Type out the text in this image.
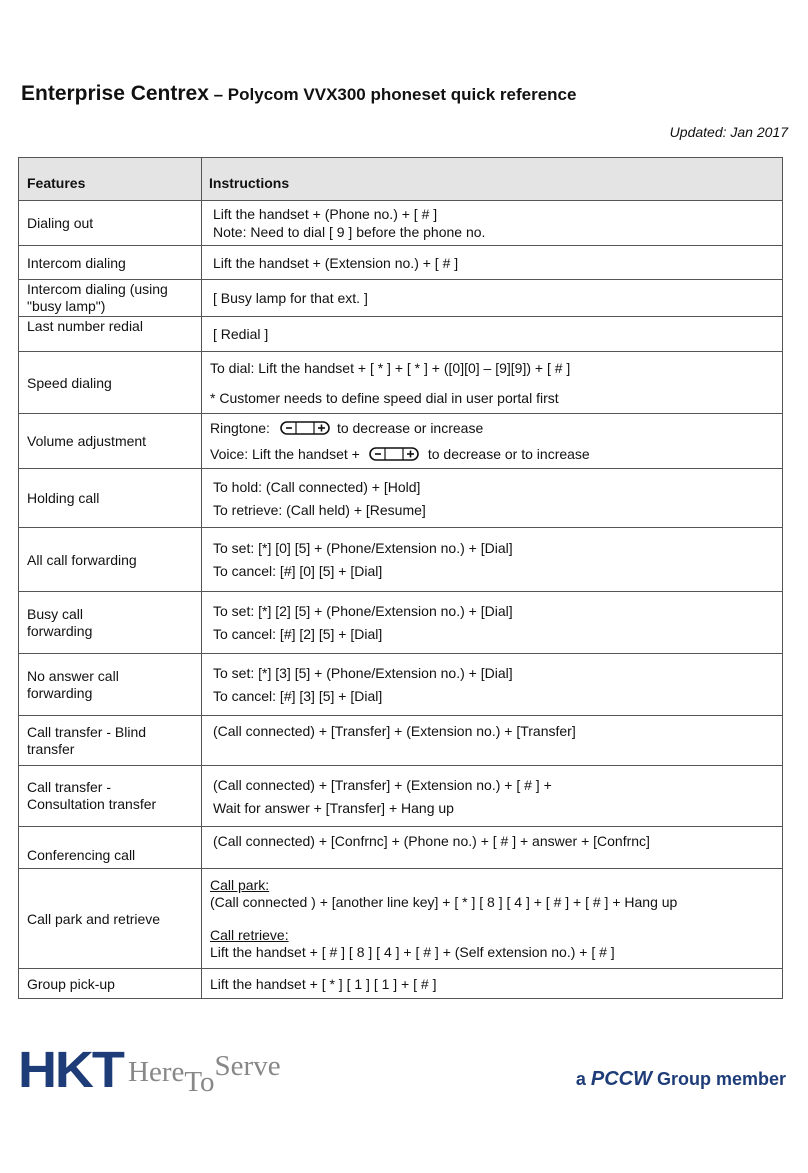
Enterprise Centrex – Polycom VVX300 phoneset quick reference
Updated: Jan 2017
Features	Instructions
Dialing out	Lift the handset + (Phone no.) + [ # ]
Note: Need to dial [ 9 ] before the phone no.

Intercom dialing	Lift the handset + (Extension no.) + [ # ]

Intercom dialing (using "busy lamp")	[ Busy lamp for that ext. ]

Last number redial	[ Redial ]

Speed dialing	To dial: Lift the handset + [ * ] + [ * ] + ([0][0] – [9][9]) + [ # ]
* Customer needs to define speed dial in user portal first

Volume adjustment	Ringtone: to decrease or increase
Voice: Lift the handset + to decrease or to increase

Holding call	To hold: (Call connected) + [Hold]
To retrieve: (Call held) + [Resume]

All call forwarding	To set: [*] [0] [5] + (Phone/Extension no.) + [Dial]
To cancel: [#] [0] [5] + [Dial]

Busy call forwarding	To set: [*] [2] [5] + (Phone/Extension no.) + [Dial]
To cancel: [#] [2] [5] + [Dial]

No answer call forwarding	To set: [*] [3] [5] + (Phone/Extension no.) + [Dial]
To cancel: [#] [3] [5] + [Dial]

Call transfer - Blind transfer	(Call connected) + [Transfer] + (Extension no.) + [Transfer]

Call transfer - Consultation transfer	(Call connected) + [Transfer] + (Extension no.) + [ # ] +
Wait for answer + [Transfer] + Hang up

Conferencing call	(Call connected) + [Confrnc] + (Phone no.) + [ # ] + answer + [Confrnc]

Call park and retrieve	Call park:
(Call connected ) + [another line key] + [ * ] [ 8 ] [ 4 ] + [ # ] + [ # ] + Hang up
Call retrieve:
Lift the handset + [ # ] [ 8 ] [ 4 ] + [ # ] + (Self extension no.) + [ # ]

Group pick-up	Lift the handset + [ * ] [ 1 ] [ 1 ] + [ # ]
HKT HereToServe	a PCCW Group member
